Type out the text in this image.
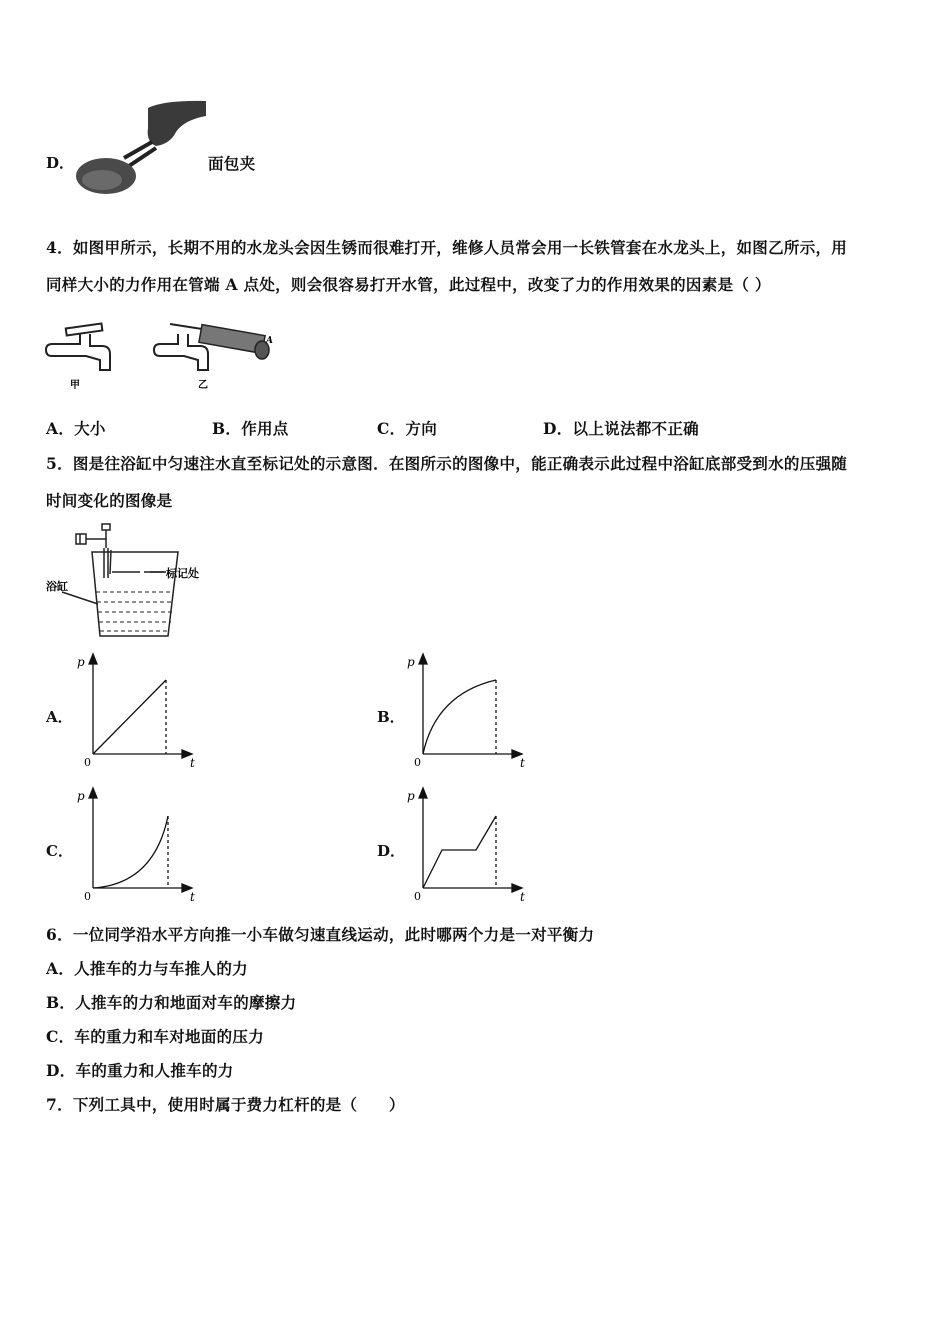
D．	面包夹
4．如图甲所示，长期不用的水龙头会因生锈而很难打开，维修人员常会用一长铁管套在水龙头上，如图乙所示，用
同样大小的力作用在管端 A 点处，则会很容易打开水管，此过程中，改变了力的作用效果的因素是（ ）
甲
A
乙
A．大小	B．作用点	C．方向	D．以上说法都不正确
5．图是往浴缸中匀速注水直至标记处的示意图．在图所示的图像中，能正确表示此过程中浴缸底部受到水的压强随
时间变化的图像是
浴缸
标记处
A．	B．
C．	D．
p
0	t
p
0	t
p
0	t
p
0	t
6．一位同学沿水平方向推一小车做匀速直线运动，此时哪两个力是一对平衡力
A．人推车的力与车推人的力
B．人推车的力和地面对车的摩擦力
C．车的重力和车对地面的压力
D．车的重力和人推车的力
7．下列工具中，使用时属于费力杠杆的是（　　）
